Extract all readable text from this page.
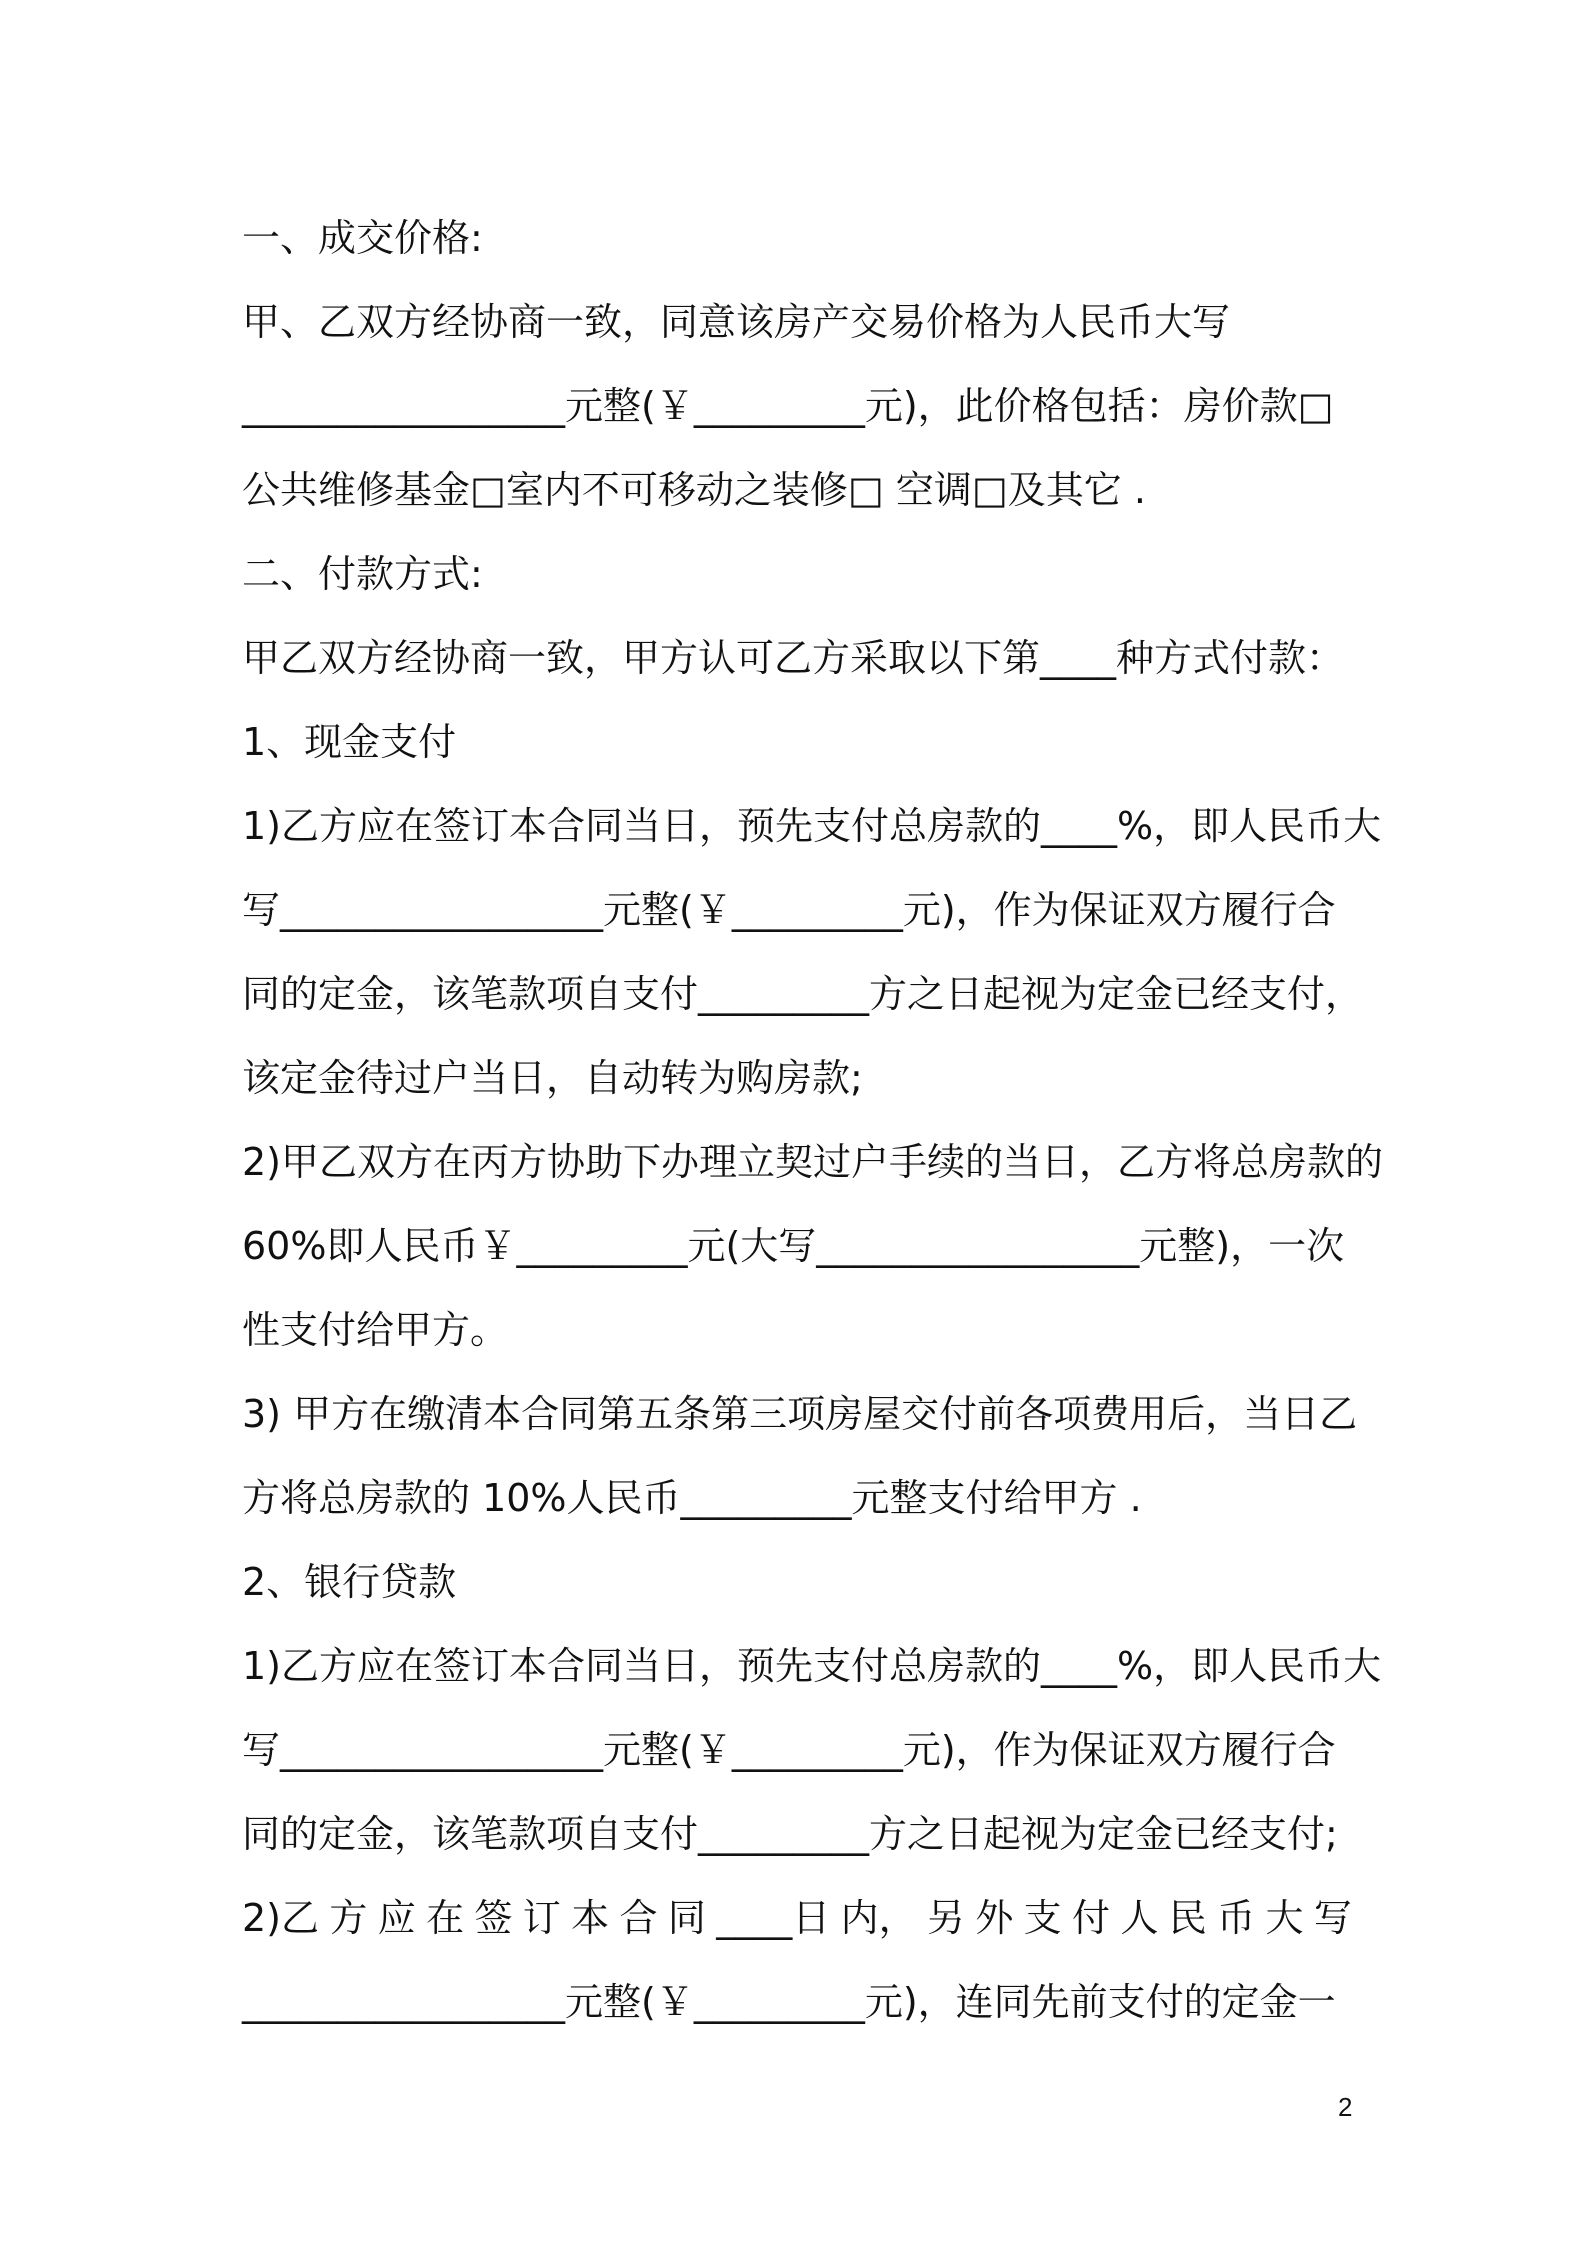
一、成交价格:
甲、乙双方经协商一致，同意该房产交易价格为人民币大写
_________________元整(￥_________元)，此价格包括：房价款□
公共维修基金□室内不可移动之装修□ 空调□及其它 .
二、付款方式:
甲乙双方经协商一致，甲方认可乙方采取以下第____种方式付款：
1、现金支付
1)乙方应在签订本合同当日，预先支付总房款的____%，即人民币大
写_________________元整(￥_________元)，作为保证双方履行合
同的定金，该笔款项自支付_________方之日起视为定金已经支付，
该定金待过户当日，自动转为购房款;
2)甲乙双方在丙方协助下办理立契过户手续的当日，乙方将总房款的
60%即人民币￥_________元(大写_________________元整)，一次
性支付给甲方。
3) 甲方在缴清本合同第五条第三项房屋交付前各项费用后，当日乙
方将总房款的 10%人民币_________元整支付给甲方 .
2、银行贷款
1)乙方应在签订本合同当日，预先支付总房款的____%，即人民币大
写_________________元整(￥_________元)，作为保证双方履行合
同的定金，该笔款项自支付_________方之日起视为定金已经支付;
2)乙 方 应 在 签 订 本 合 同 ____日 内， 另 外 支 付 人 民 币 大 写
_________________元整(￥_________元)，连同先前支付的定金一
2
